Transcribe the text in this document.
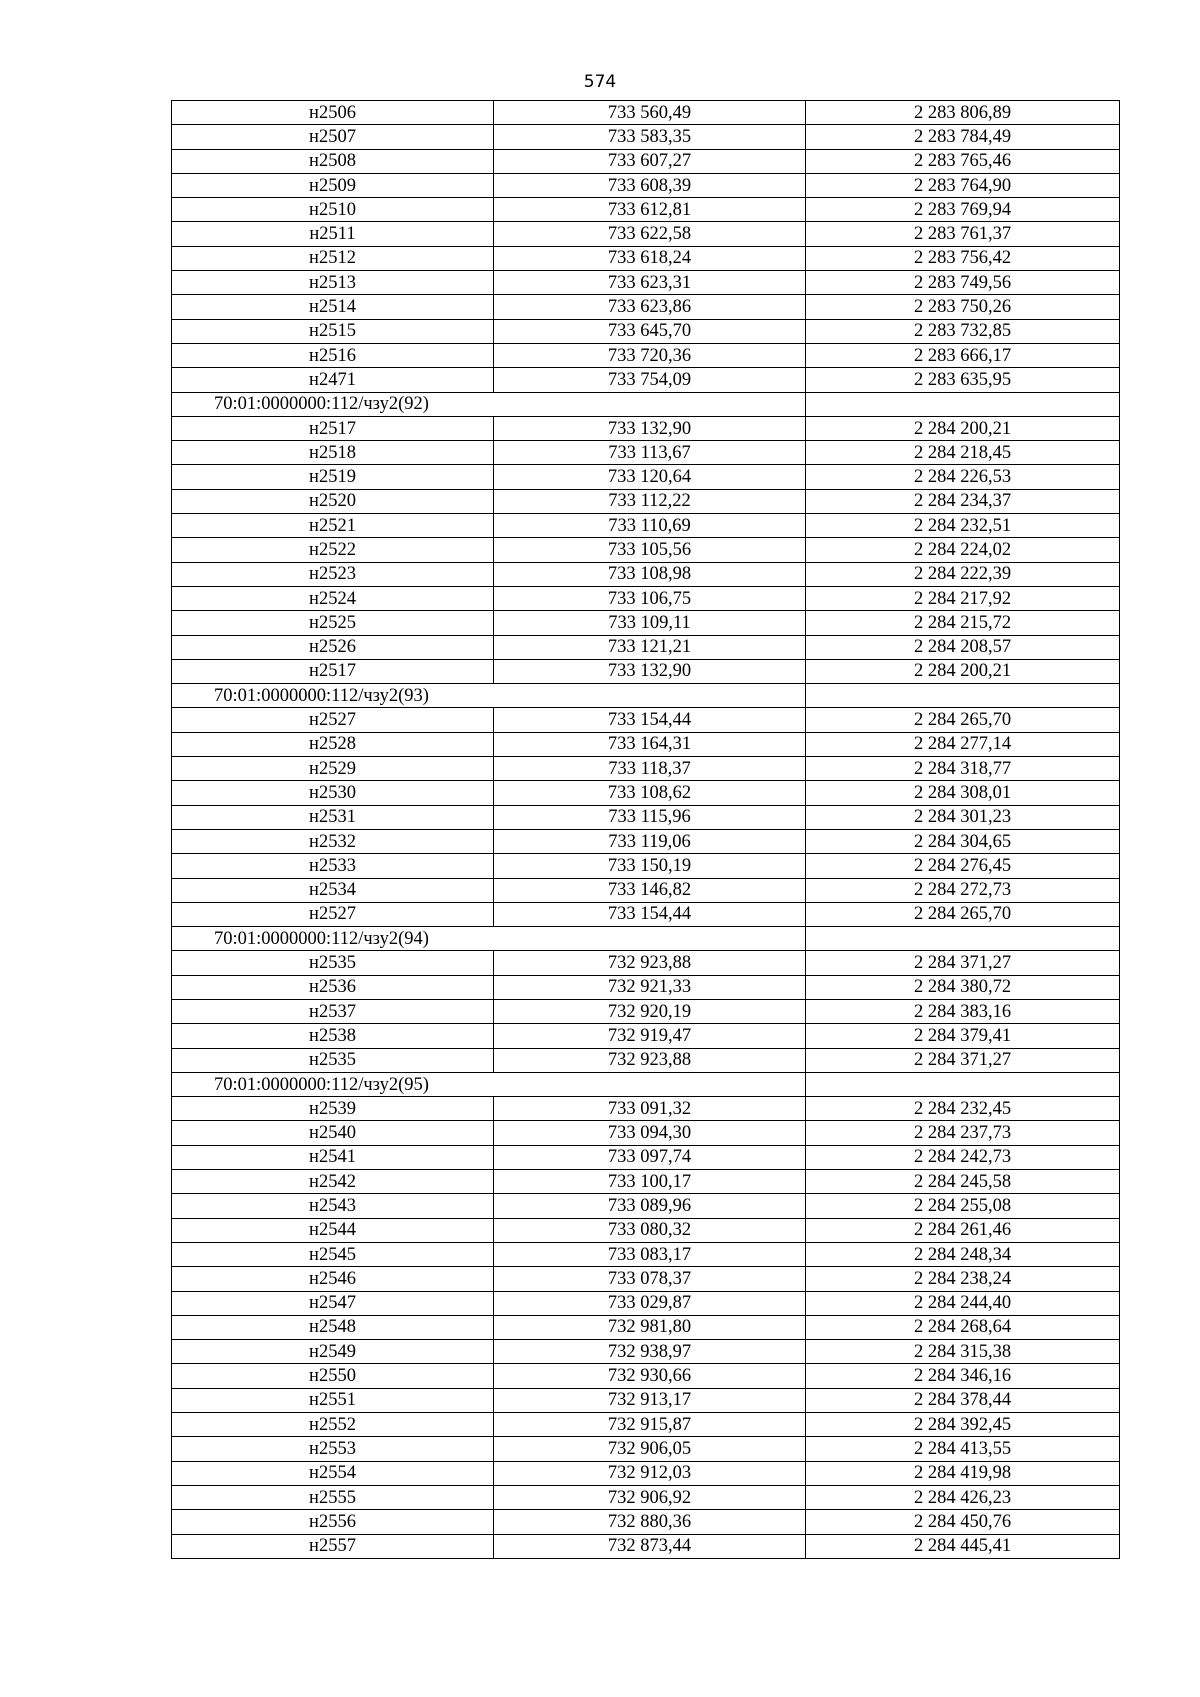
574
н2506	733 560,49	2 283 806,89
н2507	733 583,35	2 283 784,49
н2508	733 607,27	2 283 765,46
н2509	733 608,39	2 283 764,90
н2510	733 612,81	2 283 769,94
н2511	733 622,58	2 283 761,37
н2512	733 618,24	2 283 756,42
н2513	733 623,31	2 283 749,56
н2514	733 623,86	2 283 750,26
н2515	733 645,70	2 283 732,85
н2516	733 720,36	2 283 666,17
н2471	733 754,09	2 283 635,95
70:01:0000000:112/чзу2(92)		
н2517	733 132,90	2 284 200,21
н2518	733 113,67	2 284 218,45
н2519	733 120,64	2 284 226,53
н2520	733 112,22	2 284 234,37
н2521	733 110,69	2 284 232,51
н2522	733 105,56	2 284 224,02
н2523	733 108,98	2 284 222,39
н2524	733 106,75	2 284 217,92
н2525	733 109,11	2 284 215,72
н2526	733 121,21	2 284 208,57
н2517	733 132,90	2 284 200,21
70:01:0000000:112/чзу2(93)		
н2527	733 154,44	2 284 265,70
н2528	733 164,31	2 284 277,14
н2529	733 118,37	2 284 318,77
н2530	733 108,62	2 284 308,01
н2531	733 115,96	2 284 301,23
н2532	733 119,06	2 284 304,65
н2533	733 150,19	2 284 276,45
н2534	733 146,82	2 284 272,73
н2527	733 154,44	2 284 265,70
70:01:0000000:112/чзу2(94)		
н2535	732 923,88	2 284 371,27
н2536	732 921,33	2 284 380,72
н2537	732 920,19	2 284 383,16
н2538	732 919,47	2 284 379,41
н2535	732 923,88	2 284 371,27
70:01:0000000:112/чзу2(95)		
н2539	733 091,32	2 284 232,45
н2540	733 094,30	2 284 237,73
н2541	733 097,74	2 284 242,73
н2542	733 100,17	2 284 245,58
н2543	733 089,96	2 284 255,08
н2544	733 080,32	2 284 261,46
н2545	733 083,17	2 284 248,34
н2546	733 078,37	2 284 238,24
н2547	733 029,87	2 284 244,40
н2548	732 981,80	2 284 268,64
н2549	732 938,97	2 284 315,38
н2550	732 930,66	2 284 346,16
н2551	732 913,17	2 284 378,44
н2552	732 915,87	2 284 392,45
н2553	732 906,05	2 284 413,55
н2554	732 912,03	2 284 419,98
н2555	732 906,92	2 284 426,23
н2556	732 880,36	2 284 450,76
н2557	732 873,44	2 284 445,41
